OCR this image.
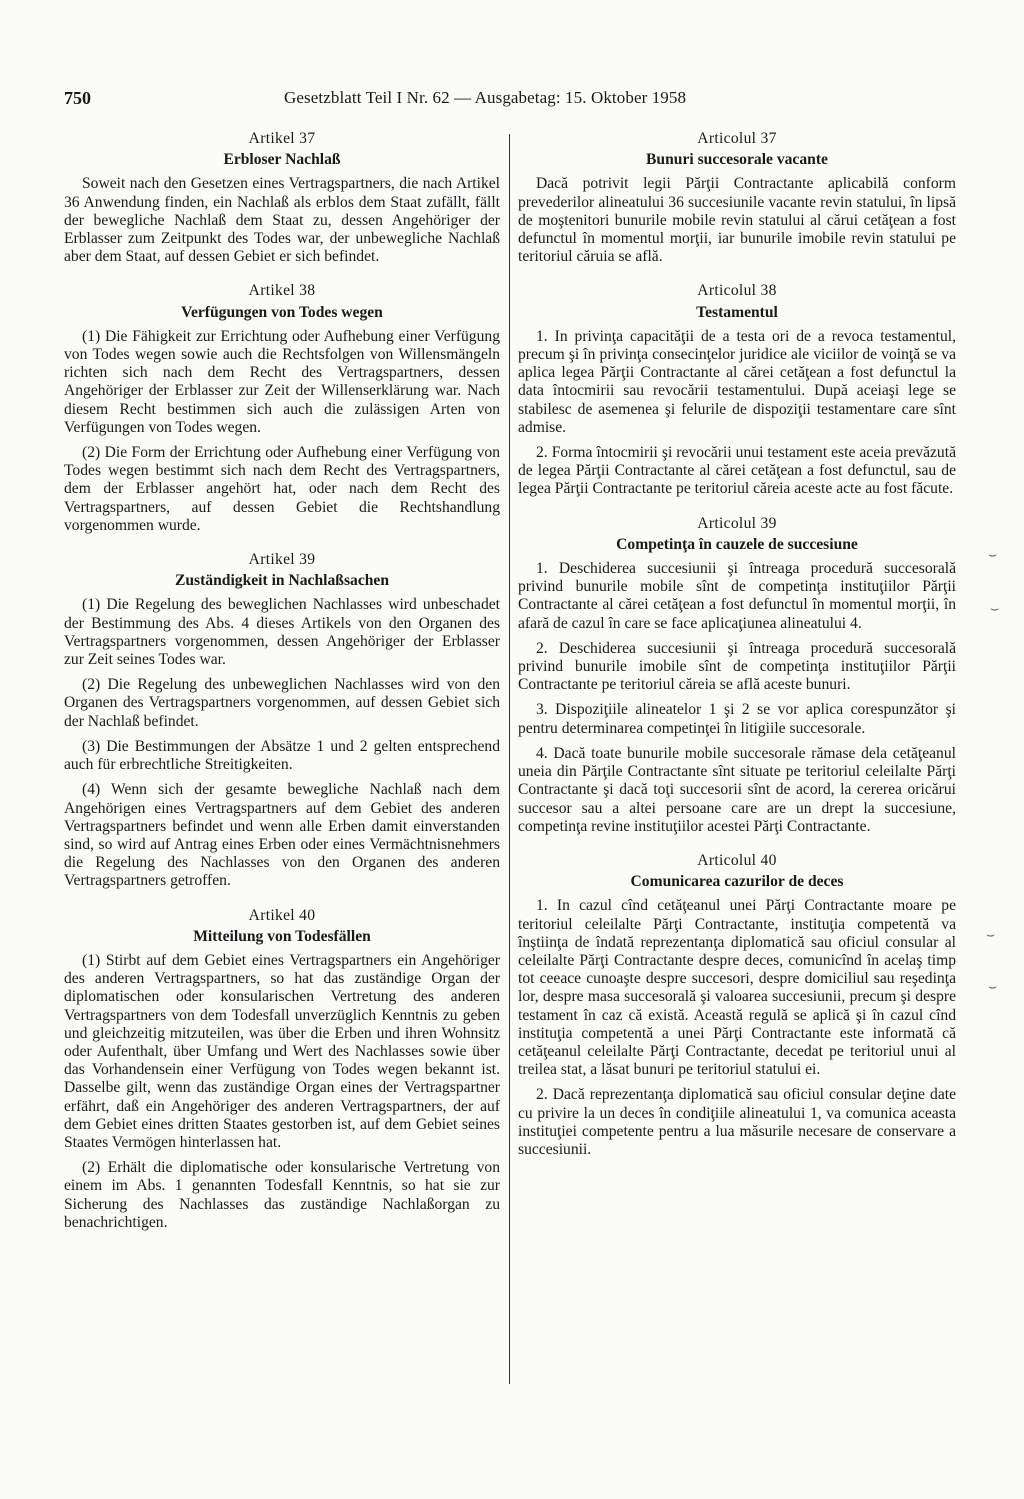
750	Gesetzblatt Teil I Nr. 62 — Ausgabetag: 15. Oktober 1958
Artikel 37
Erbloser Nachlaß

Soweit nach den Gesetzen eines Vertragspartners, die nach Artikel 36 Anwendung finden, ein Nachlaß als erblos dem Staat zufällt, fällt der bewegliche Nachlaß dem Staat zu, dessen Angehöriger der Erblasser zum Zeitpunkt des Todes war, der unbewegliche Nachlaß aber dem Staat, auf dessen Gebiet er sich befindet.

Artikel 38
Verfügungen von Todes wegen

(1) Die Fähigkeit zur Errichtung oder Aufhebung einer Verfügung von Todes wegen sowie auch die Rechtsfolgen von Willensmängeln richten sich nach dem Recht des Vertragspartners, dessen Angehöriger der Erblasser zur Zeit der Willenserklärung war. Nach diesem Recht bestimmen sich auch die zulässigen Arten von Verfügungen von Todes wegen.

(2) Die Form der Errichtung oder Aufhebung einer Verfügung von Todes wegen bestimmt sich nach dem Recht des Vertragspartners, dem der Erblasser angehört hat, oder nach dem Recht des Vertragspartners, auf dessen Gebiet die Rechtshandlung vorgenommen wurde.

Artikel 39
Zuständigkeit in Nachlaßsachen

(1) Die Regelung des beweglichen Nachlasses wird unbeschadet der Bestimmung des Abs. 4 dieses Artikels von den Organen des Vertragspartners vorgenommen, dessen Angehöriger der Erblasser zur Zeit seines Todes war.

(2) Die Regelung des unbeweglichen Nachlasses wird von den Organen des Vertragspartners vorgenommen, auf dessen Gebiet sich der Nachlaß befindet.

(3) Die Bestimmungen der Absätze 1 und 2 gelten entsprechend auch für erbrechtliche Streitigkeiten.

(4) Wenn sich der gesamte bewegliche Nachlaß nach dem Angehörigen eines Vertragspartners auf dem Gebiet des anderen Vertragspartners befindet und wenn alle Erben damit einverstanden sind, so wird auf Antrag eines Erben oder eines Vermächtnisnehmers die Regelung des Nachlasses von den Organen des anderen Vertragspartners getroffen.

Artikel 40
Mitteilung von Todesfällen

(1) Stirbt auf dem Gebiet eines Vertragspartners ein Angehöriger des anderen Vertragspartners, so hat das zuständige Organ der diplomatischen oder konsularischen Vertretung des anderen Vertragspartners von dem Todesfall unverzüglich Kenntnis zu geben und gleichzeitig mitzuteilen, was über die Erben und ihren Wohnsitz oder Aufenthalt, über Umfang und Wert des Nachlasses sowie über das Vorhandensein einer Verfügung von Todes wegen bekannt ist. Dasselbe gilt, wenn das zuständige Organ eines der Vertragspartner erfährt, daß ein Angehöriger des anderen Vertragspartners, der auf dem Gebiet eines dritten Staates gestorben ist, auf dem Gebiet seines Staates Vermögen hinterlassen hat.

(2) Erhält die diplomatische oder konsularische Vertretung von einem im Abs. 1 genannten Todesfall Kenntnis, so hat sie zur Sicherung des Nachlasses das zuständige Nachlaßorgan zu benachrichtigen.

Articolul 37
Bunuri succesorale vacante

Dacă potrivit legii Părţii Contractante aplicabilă conform prevederilor alineatului 36 succesiunile vacante revin statului, în lipsă de moştenitori bunurile mobile revin statului al cărui cetăţean a fost defunctul în momentul morţii, iar bunurile imobile revin statului pe teritoriul căruia se află.

Articolul 38
Testamentul

1. In privinţa capacităţii de a testa ori de a revoca testamentul, precum şi în privinţa consecinţelor juridice ale viciilor de voinţă se va aplica legea Părţii Contractante al cărei cetăţean a fost defunctul la data întocmirii sau revocării testamentului. După aceiaşi lege se stabilesc de asemenea şi felurile de dispoziţii testamentare care sînt admise.

2. Forma întocmirii şi revocării unui testament este aceia prevăzută de legea Părţii Contractante al cărei cetăţean a fost defunctul, sau de legea Părţii Contractante pe teritoriul căreia aceste acte au fost făcute.

Articolul 39
Competinţa în cauzele de succesiune

1. Deschiderea succesiunii şi întreaga procedură succesorală privind bunurile mobile sînt de competinţa instituţiilor Părţii Contractante al cărei cetăţean a fost defunctul în momentul morţii, în afară de cazul în care se face aplicaţiunea alineatului 4.

2. Deschiderea succesiunii şi întreaga procedură succesorală privind bunurile imobile sînt de competinţa instituţiilor Părţii Contractante pe teritoriul căreia se află aceste bunuri.

3. Dispoziţiile alineatelor 1 şi 2 se vor aplica corespunzător şi pentru determinarea competinţei în litigiile succesorale.

4. Dacă toate bunurile mobile succesorale rămase dela cetăţeanul uneia din Părţile Contractante sînt situate pe teritoriul celeilalte Părţi Contractante şi dacă toţi succesorii sînt de acord, la cererea oricărui succesor sau a altei persoane care are un drept la succesiune, competinţa revine instituţiilor acestei Părţi Contractante.

Articolul 40
Comunicarea cazurilor de deces

1. In cazul cînd cetăţeanul unei Părţi Contractante moare pe teritoriul celeilalte Părţi Contractante, instituţia competentă va înştiinţa de îndată reprezentanţa diplomatică sau oficiul consular al celeilalte Părţi Contractante despre deces, comunicînd în acelaş timp tot ceeace cunoaşte despre succesori, despre domiciliul sau reşedinţa lor, despre masa succesorală şi valoarea succesiunii, precum şi despre testament în caz că există. Această regulă se aplică şi în cazul cînd instituţia competentă a unei Părţi Contractante este informată că cetăţeanul celeilalte Părţi Contractante, decedat pe teritoriul unui al treilea stat, a lăsat bunuri pe teritoriul statului ei.

2. Dacă reprezentanţa diplomatică sau oficiul consular deţine date cu privire la un deces în condiţiile alineatului 1, va comunica aceasta instituţiei competente pentru a lua măsurile necesare de conservare a succesiunii.

⌣
⌣
⌣
⌣
